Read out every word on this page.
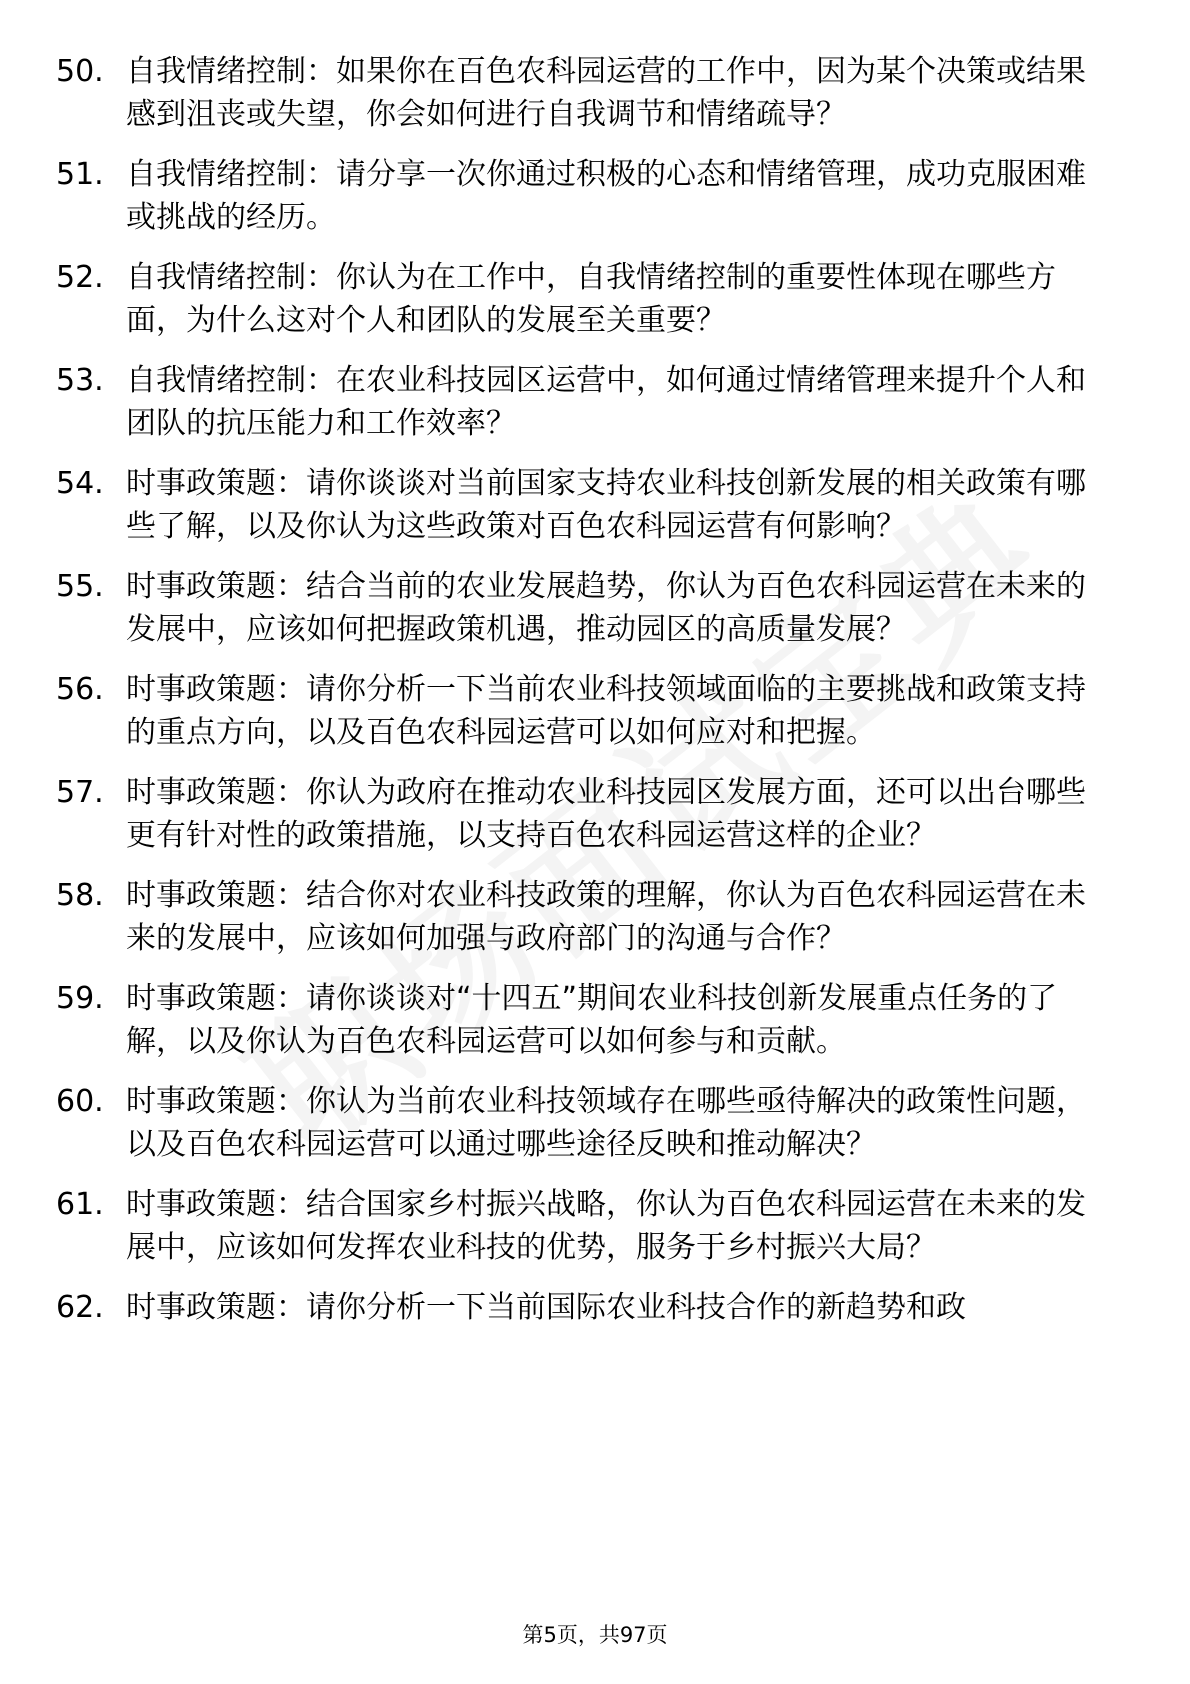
50. 自我情绪控制：如果你在百色农科园运营的工作中，因为某个决策或结果感到沮丧或失望，你会如何进行自我调节和情绪疏导？
51. 自我情绪控制：请分享一次你通过积极的心态和情绪管理，成功克服困难或挑战的经历。
52. 自我情绪控制：你认为在工作中，自我情绪控制的重要性体现在哪些方面，为什么这对个人和团队的发展至关重要？
53. 自我情绪控制：在农业科技园区运营中，如何通过情绪管理来提升个人和团队的抗压能力和工作效率？
54. 时事政策题：请你谈谈对当前国家支持农业科技创新发展的相关政策有哪些了解，以及你认为这些政策对百色农科园运营有何影响？
55. 时事政策题：结合当前的农业发展趋势，你认为百色农科园运营在未来的发展中，应该如何把握政策机遇，推动园区的高质量发展？
56. 时事政策题：请你分析一下当前农业科技领域面临的主要挑战和政策支持的重点方向，以及百色农科园运营可以如何应对和把握。
57. 时事政策题：你认为政府在推动农业科技园区发展方面，还可以出台哪些更有针对性的政策措施，以支持百色农科园运营这样的企业？
58. 时事政策题：结合你对农业科技政策的理解，你认为百色农科园运营在未来的发展中，应该如何加强与政府部门的沟通与合作？
59. 时事政策题：请你谈谈对“十四五”期间农业科技创新发展重点任务的了解，以及你认为百色农科园运营可以如何参与和贡献。
60. 时事政策题：你认为当前农业科技领域存在哪些亟待解决的政策性问题，以及百色农科园运营可以通过哪些途径反映和推动解决？
61. 时事政策题：结合国家乡村振兴战略，你认为百色农科园运营在未来的发展中，应该如何发挥农业科技的优势，服务于乡村振兴大局？
62. 时事政策题：请你分析一下当前国际农业科技合作的新趋势和政
第5页，共97页
